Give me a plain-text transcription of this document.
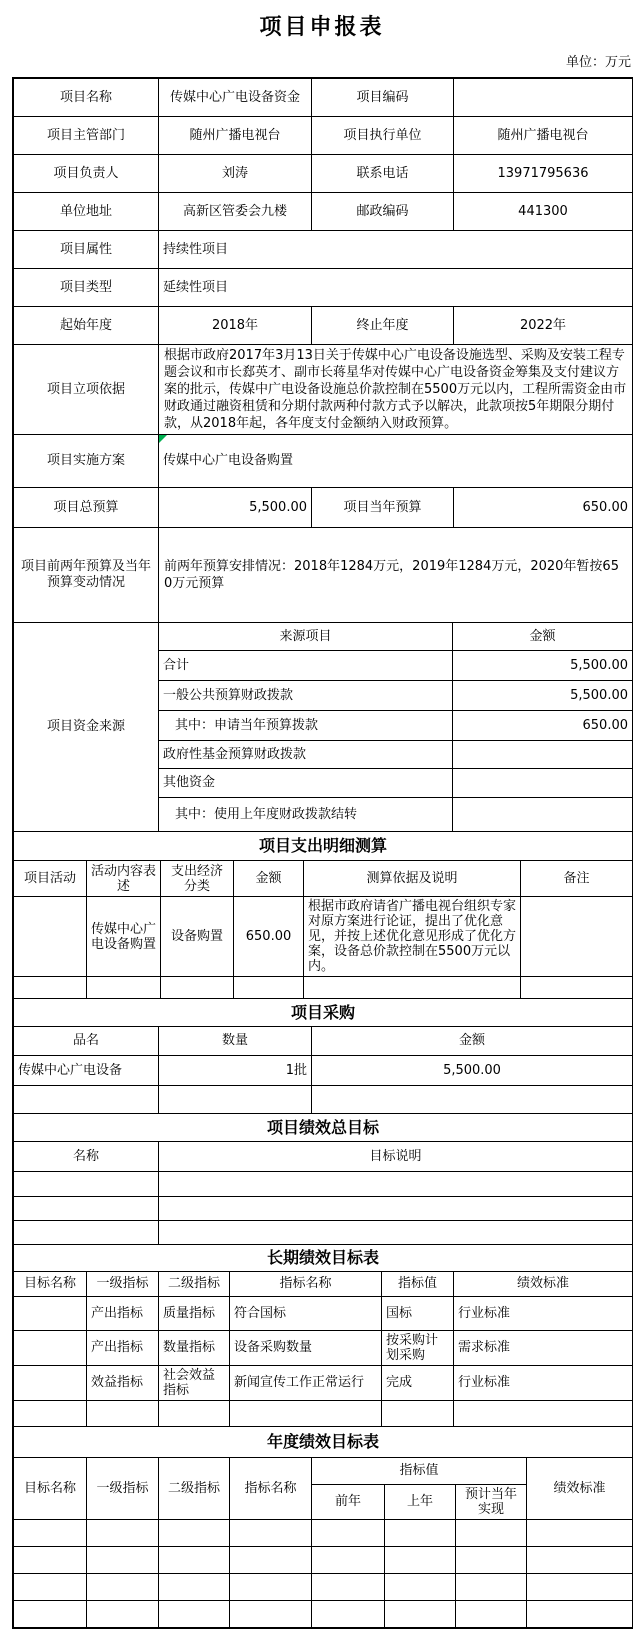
项目申报表
单位：万元
项目名称	传媒中心广电设备资金	项目编码	
项目主管部门	随州广播电视台	项目执行单位	随州广播电视台
项目负责人	刘涛	联系电话	13971795636
单位地址	高新区管委会九楼	邮政编码	441300
项目属性	持续性项目		
项目类型	延续性项目		
起始年度	2018年	终止年度	2022年
项目立项依据	根据市政府2017年3月13日关于传媒中心广电设备设施选型、采购及安装工程专题会议和市长郄英才、副市长蒋星华对传媒中心广电设备资金筹集及支付建议方案的批示，传媒中广电设备设施总价款控制在5500万元以内，工程所需资金由市财政通过融资租赁和分期付款两种付款方式予以解决，此款项按5年期限分期付款，从2018年起，各年度支付金额纳入财政预算。		
项目实施方案	传媒中心广电设备购置		
项目总预算	5,500.00	项目当年预算	650.00
项目前两年预算及当年预算变动情况	前两年预算安排情况：2018年1284万元，2019年1284万元，2020年暂按650万元预算		
项目资金来源	来源项目	金额
	合计	5,500.00
	一般公共预算财政拨款	5,500.00
	其中：申请当年预算拨款	650.00
	政府性基金预算财政拨款	
	其他资金	
	其中：使用上年度财政拨款结转	
项目支出明细测算					
项目活动	活动内容表述	支出经济分类	金额	测算依据及说明	备注
	传媒中心广电设备购置	设备购置	650.00	根据市政府请省广播电视台组织专家对原方案进行论证，提出了优化意见，并按上述优化意见形成了优化方案，设备总价款控制在5500万元以内。	

项目采购		
品名	数量	金额
传媒中心广电设备	1批	5,500.00

项目绩效总目标	
名称	目标说明

长期绩效目标表					
目标名称	一级指标	二级指标	指标名称	指标值	绩效标准
	产出指标	质量指标	符合国标	国标	行业标准
	产出指标	数量指标	设备采购数量	按采购计划采购	需求标准
	效益指标	社会效益指标	新闻宣传工作正常运行	完成	行业标准

年度绩效目标表							
目标名称	一级指标	二级指标	指标名称	指标值			绩效标准
				前年	上年	预计当年实现	
